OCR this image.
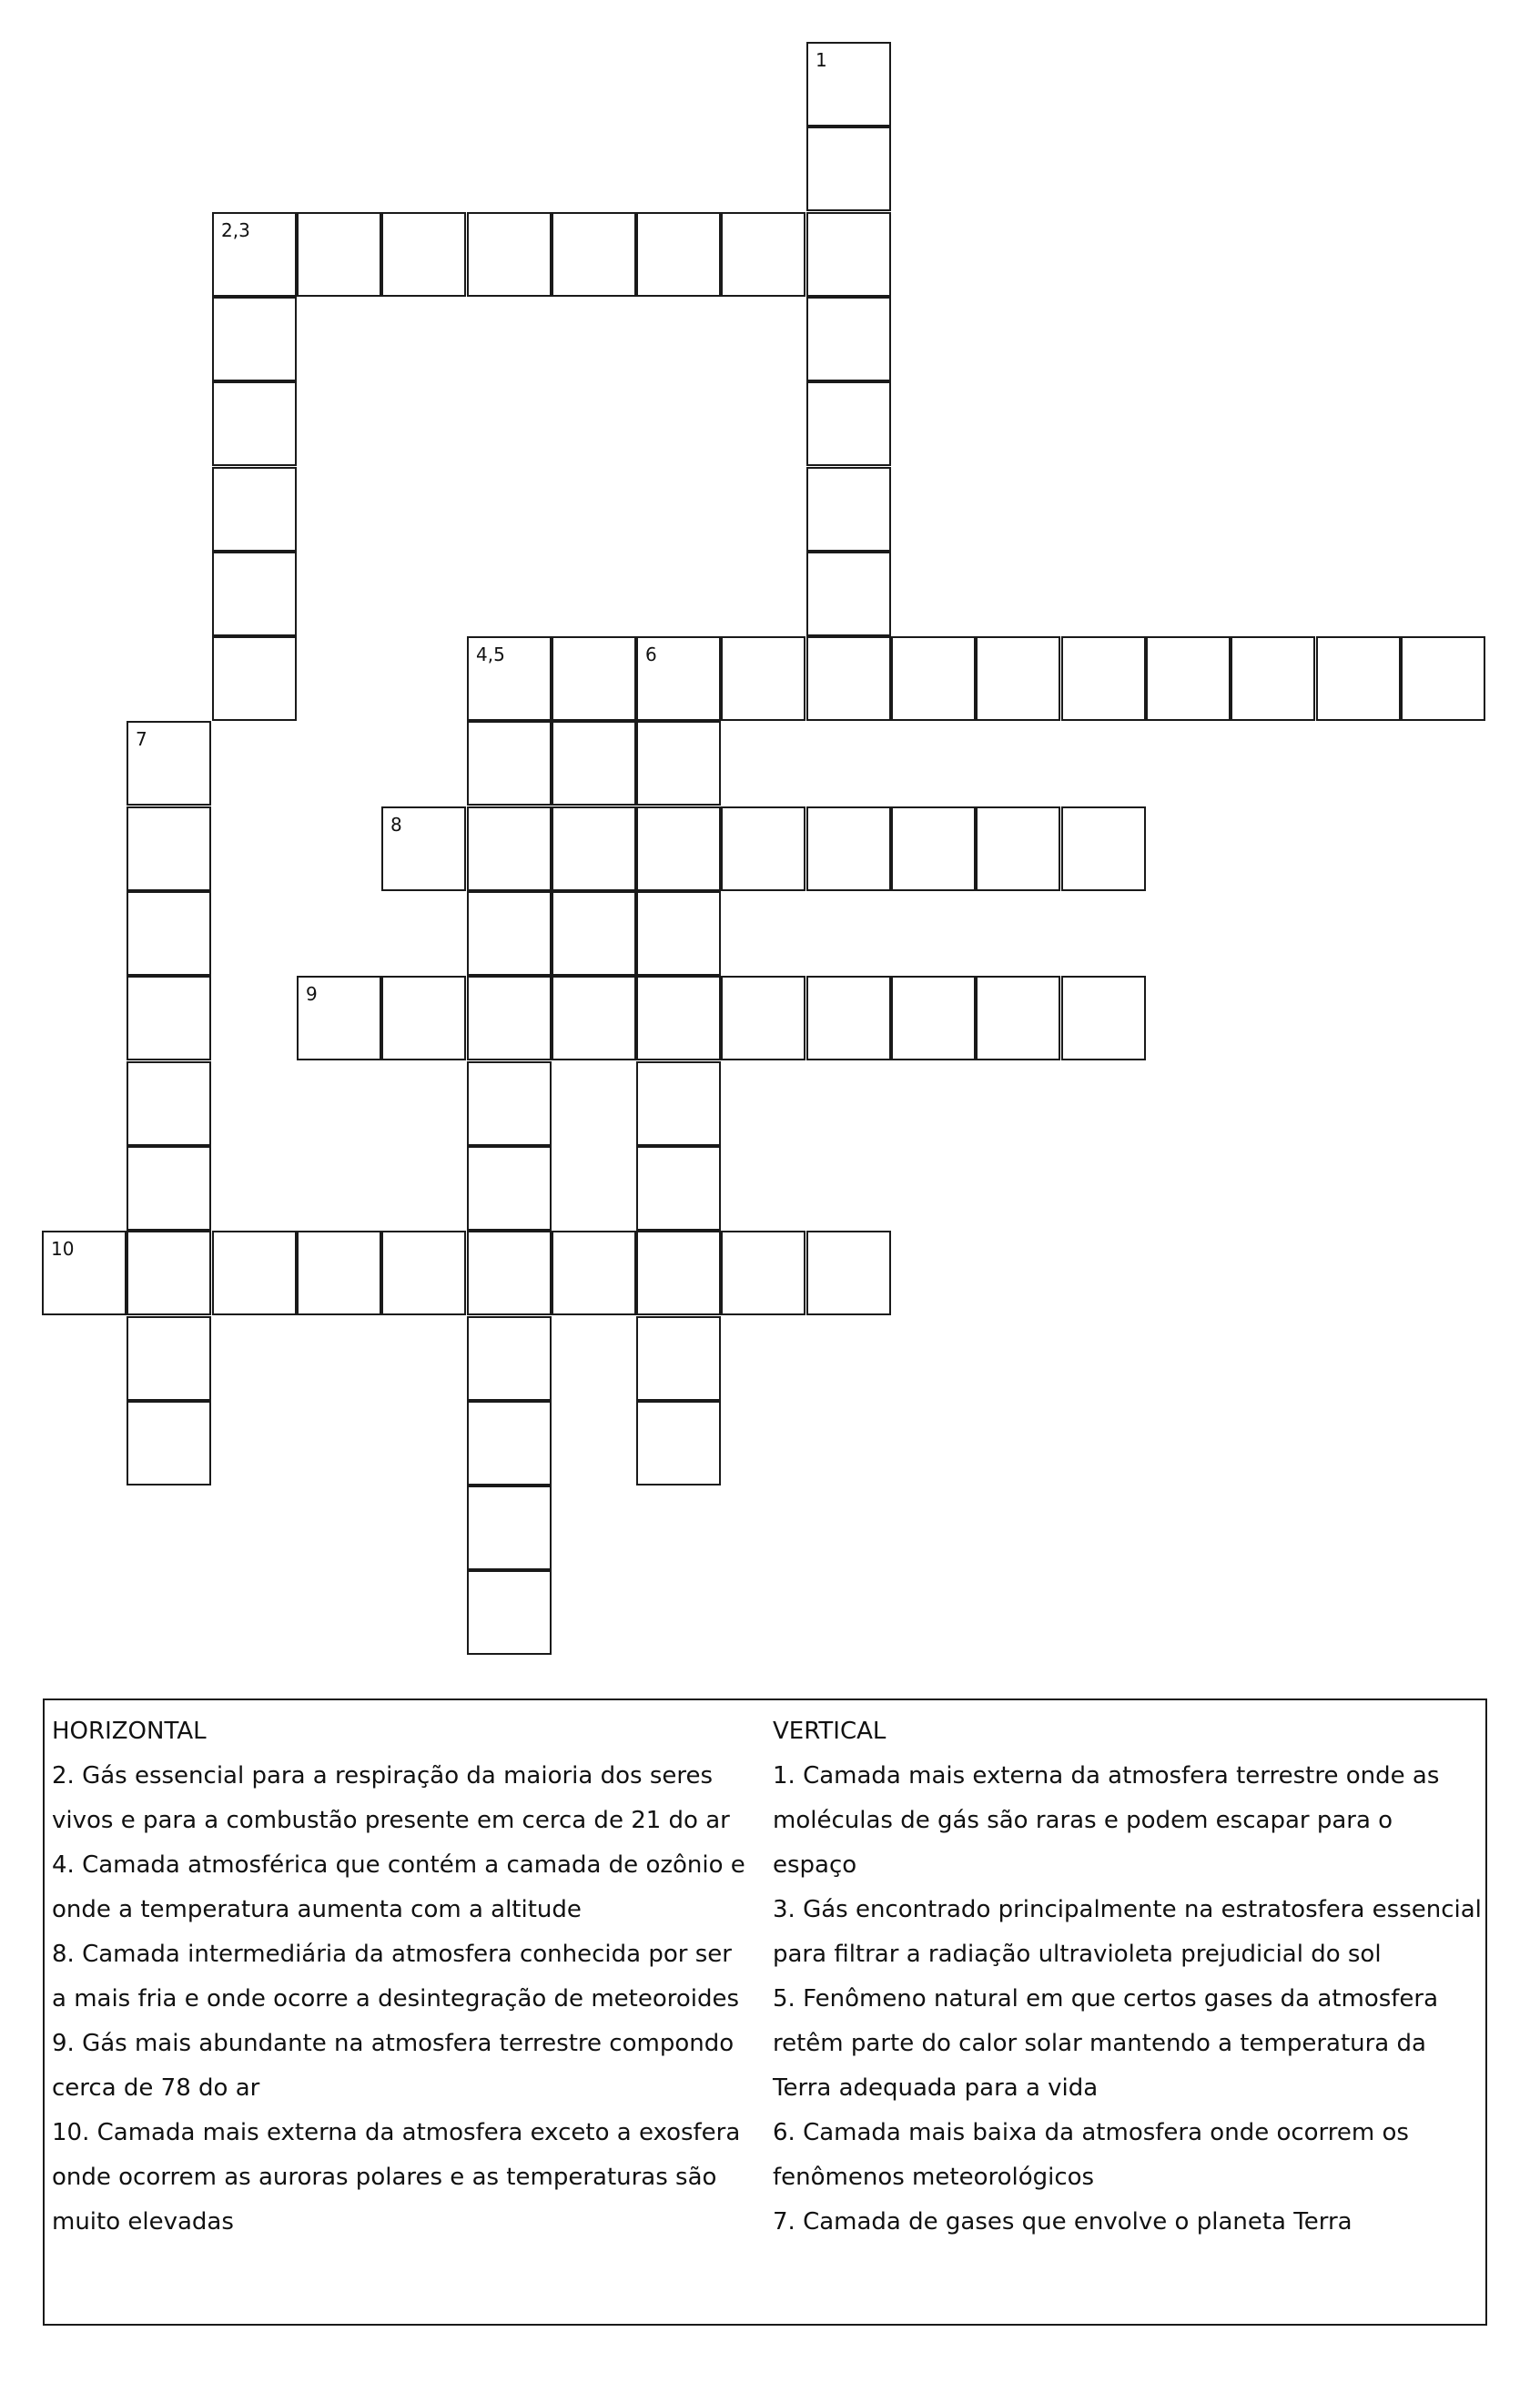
1
2,3
4,5	6
7
8
9
10
HORIZONTAL

2. Gás essencial para a respiração da maioria dos seres vivos e para a combustão presente em cerca de 21 do ar

4. Camada atmosférica que contém a camada de ozônio e onde a temperatura aumenta com a altitude

8. Camada intermediária da atmosfera conhecida por ser a mais fria e onde ocorre a desintegração de meteoroides

9. Gás mais abundante na atmosfera terrestre compondo cerca de 78 do ar

10. Camada mais externa da atmosfera exceto a exosfera onde ocorrem as auroras polares e as temperaturas são muito elevadas

VERTICAL

1. Camada mais externa da atmosfera terrestre onde as moléculas de gás são raras e podem escapar para o espaço

3. Gás encontrado principalmente na estratosfera essencial para filtrar a radiação ultravioleta prejudicial do sol

5. Fenômeno natural em que certos gases da atmosfera retêm parte do calor solar mantendo a temperatura da Terra adequada para a vida

6. Camada mais baixa da atmosfera onde ocorrem os fenômenos meteorológicos

7. Camada de gases que envolve o planeta Terra
